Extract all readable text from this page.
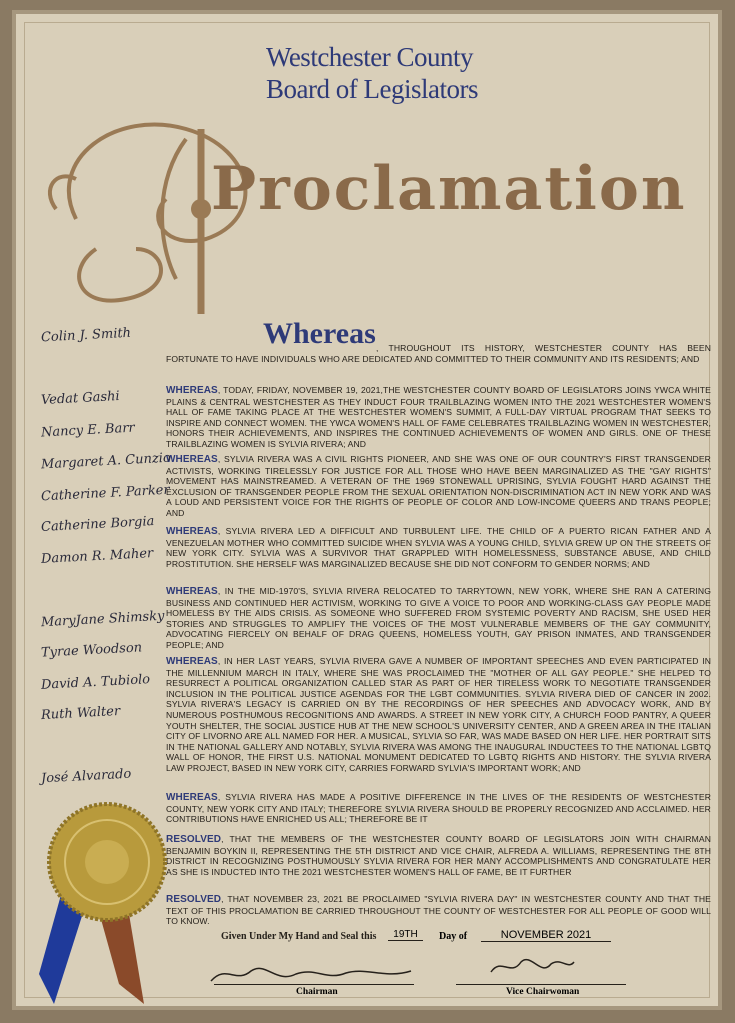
Westchester County
Board of Legislators
Proclamation
Whereas , THROUGHOUT ITS HISTORY, WESTCHESTER COUNTY HAS BEEN FORTUNATE TO HAVE INDIVIDUALS WHO ARE DEDICATED AND COMMITTED TO THEIR COMMUNITY AND ITS RESIDENTS; AND
WHEREAS, TODAY, FRIDAY, NOVEMBER 19, 2021,THE WESTCHESTER COUNTY BOARD OF LEGISLATORS JOINS YWCA WHITE PLAINS & CENTRAL WESTCHESTER AS THEY INDUCT FOUR TRAILBLAZING WOMEN INTO THE 2021 WESTCHESTER WOMEN'S HALL OF FAME TAKING PLACE AT THE WESTCHESTER WOMEN'S SUMMIT, A FULL-DAY VIRTUAL PROGRAM THAT SEEKS TO INSPIRE AND CONNECT WOMEN. THE YWCA WOMEN'S HALL OF FAME CELEBRATES TRAILBLAZING WOMEN IN WESTCHESTER, HONORS THEIR ACHIEVEMENTS, AND INSPIRES THE CONTINUED ACHIEVEMENTS OF WOMEN AND GIRLS. ONE OF THESE TRAILBLAZING WOMEN IS SYLVIA RIVERA; AND
WHEREAS, SYLVIA RIVERA WAS A CIVIL RIGHTS PIONEER, AND SHE WAS ONE OF OUR COUNTRY'S FIRST TRANSGENDER ACTIVISTS, WORKING TIRELESSLY FOR JUSTICE FOR ALL THOSE WHO HAVE BEEN MARGINALIZED AS THE "GAY RIGHTS" MOVEMENT HAS MAINSTREAMED. A VETERAN OF THE 1969 STONEWALL UPRISING, SYLVIA FOUGHT HARD AGAINST THE EXCLUSION OF TRANSGENDER PEOPLE FROM THE SEXUAL ORIENTATION NON-DISCRIMINATION ACT IN NEW YORK AND WAS A LOUD AND PERSISTENT VOICE FOR THE RIGHTS OF PEOPLE OF COLOR AND LOW-INCOME QUEERS AND TRANS PEOPLE; AND
WHEREAS, SYLVIA RIVERA LED A DIFFICULT AND TURBULENT LIFE. THE CHILD OF A PUERTO RICAN FATHER AND A VENEZUELAN MOTHER WHO COMMITTED SUICIDE WHEN SYLVIA WAS A YOUNG CHILD, SYLVIA GREW UP ON THE STREETS OF NEW YORK CITY. SYLVIA WAS A SURVIVOR THAT GRAPPLED WITH HOMELESSNESS, SUBSTANCE ABUSE, AND CHILD PROSTITUTION. SHE HERSELF WAS MARGINALIZED BECAUSE SHE DID NOT CONFORM TO GENDER NORMS; AND
WHEREAS, IN THE MID-1970'S, SYLVIA RIVERA RELOCATED TO TARRYTOWN, NEW YORK, WHERE SHE RAN A CATERING BUSINESS AND CONTINUED HER ACTIVISM, WORKING TO GIVE A VOICE TO POOR AND WORKING-CLASS GAY PEOPLE MADE HOMELESS BY THE AIDS CRISIS. AS SOMEONE WHO SUFFERED FROM SYSTEMIC POVERTY AND RACISM, SHE USED HER STORIES AND STRUGGLES TO AMPLIFY THE VOICES OF THE MOST VULNERABLE MEMBERS OF THE GAY COMMUNITY, ADVOCATING FIERCELY ON BEHALF OF DRAG QUEENS, HOMELESS YOUTH, GAY PRISON INMATES, AND TRANSGENDER PEOPLE; AND
WHEREAS, IN HER LAST YEARS, SYLVIA RIVERA GAVE A NUMBER OF IMPORTANT SPEECHES AND EVEN PARTICIPATED IN THE MILLENNIUM MARCH IN ITALY, WHERE SHE WAS PROCLAIMED THE "MOTHER OF ALL GAY PEOPLE." SHE HELPED TO RESURRECT A POLITICAL ORGANIZATION CALLED STAR AS PART OF HER TIRELESS WORK TO NEGOTIATE TRANSGENDER INCLUSION IN THE POLITICAL JUSTICE AGENDAS FOR THE LGBT COMMUNITIES. SYLVIA RIVERA DIED OF CANCER IN 2002. SYLVIA RIVERA'S LEGACY IS CARRIED ON BY THE RECORDINGS OF HER SPEECHES AND ADVOCACY WORK, AND BY NUMEROUS POSTHUMOUS RECOGNITIONS AND AWARDS. A STREET IN NEW YORK CITY, A CHURCH FOOD PANTRY, A QUEER YOUTH SHELTER, THE SOCIAL JUSTICE HUB AT THE NEW SCHOOL'S UNIVERSITY CENTER, AND A GREEN AREA IN THE ITALIAN CITY OF LIVORNO ARE ALL NAMED FOR HER. A MUSICAL, SYLVIA SO FAR, WAS MADE BASED ON HER LIFE. HER PORTRAIT SITS IN THE NATIONAL GALLERY AND NOTABLY, SYLVIA RIVERA WAS AMONG THE INAUGURAL INDUCTEES TO THE NATIONAL LGBTQ WALL OF HONOR, THE FIRST U.S. NATIONAL MONUMENT DEDICATED TO LGBTQ RIGHTS AND HISTORY. THE SYLVIA RIVERA LAW PROJECT, BASED IN NEW YORK CITY, CARRIES FORWARD SYLVIA'S IMPORTANT WORK; AND
WHEREAS, SYLVIA RIVERA HAS MADE A POSITIVE DIFFERENCE IN THE LIVES OF THE RESIDENTS OF WESTCHESTER COUNTY, NEW YORK CITY AND ITALY; THEREFORE SYLVIA RIVERA SHOULD BE PROPERLY RECOGNIZED AND ACCLAIMED. HER CONTRIBUTIONS HAVE ENRICHED US ALL; THEREFORE BE IT
RESOLVED, THAT THE MEMBERS OF THE WESTCHESTER COUNTY BOARD OF LEGISLATORS JOIN WITH CHAIRMAN BENJAMIN BOYKIN II, REPRESENTING THE 5TH DISTRICT AND VICE CHAIR, ALFREDA A. WILLIAMS, REPRESENTING THE 8TH DISTRICT IN RECOGNIZING POSTHUMOUSLY SYLVIA RIVERA FOR HER MANY ACCOMPLISHMENTS AND CONGRATULATE HER AS SHE IS INDUCTED INTO THE 2021 WESTCHESTER WOMEN'S HALL OF FAME, BE IT FURTHER
RESOLVED, THAT NOVEMBER 23, 2021 BE PROCLAIMED "SYLVIA RIVERA DAY" IN WESTCHESTER COUNTY AND THAT THE TEXT OF THIS PROCLAMATION BE CARRIED THROUGHOUT THE COUNTY OF WESTCHESTER FOR ALL PEOPLE OF GOOD WILL TO KNOW.
Colin J. Smith
Vedat Gashi
Nancy E. Barr
Margaret A. Cunzio
Catherine F. Parker
Catherine Borgia
Damon R. Maher
MaryJane Shimsky
Tyrae Woodson
David A. Tubiolo
Ruth Walter
José Alvarado
Given Under My Hand and Seal this	19TH	Day of	NOVEMBER 2021
Chairman	Vice Chairwoman
